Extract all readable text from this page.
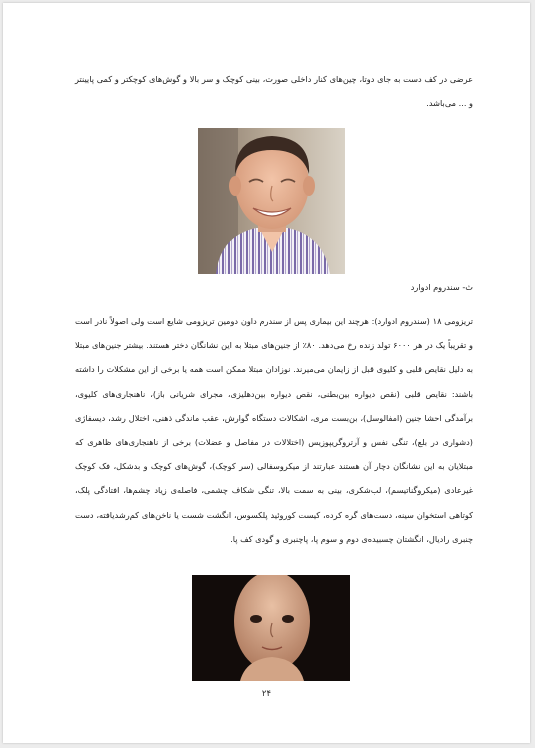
عرضی در کف دست به جای دوتا، چین‌های کنار داخلی صورت، بینی کوچک و سر بالا و گوش‌های کوچکتر و کمی پایینتر و ... می‌باشد.
ث- سندروم ادوارد
تریزومی ۱۸ (سندروم ادوارد): هرچند این بیماری پس از سندرم داون دومین تریزومی شایع است ولی اصولاً نادر است و تقریباً یک در هر ۶۰۰۰ تولد زنده رخ می‌دهد. ۸۰٪ از جنین‌های مبتلا به این نشانگان دختر هستند. بیشتر جنین‌های مبتلا به دلیل نقایص قلبی و کلیوی قبل از زایمان می‌میرند. نوزادان مبتلا ممکن است همه یا برخی از این مشکلات را داشته باشند: نقایص قلبی (نقص دیواره بین‌بطنی، نقص دیواره بین‌دهلیزی، مجرای شریانی باز)، ناهنجاری‌های کلیوی، برآمدگی احشا جنین (امفالوسل)، بن‌بست مری، اشکالات دستگاه گوارش، عقب ماندگی ذهنی، اختلال رشد، دیسفاژی (دشواری در بلع)، تنگی نفس و آرتروگریپوزیس (اختلالات در مفاصل و عضلات) برخی از ناهنجاری‌های ظاهری که مبتلایان به این نشانگان دچار آن هستند عبارتند از میکروسفالی (سر کوچک)، گوش‌های کوچک و بدشکل، فک کوچک غیرعادی (میکروگناتیسم)، لب‌شکری، بینی به سمت بالا، تنگی شکاف چشمی، فاصله‌ی زیاد چشم‌ها، افتادگی پلک، کوتاهی استخوان سینه، دست‌های گره کرده، کیست کوروئید پلکسوس، انگشت شست یا ناخن‌های کم‌رشدیافته، دست چنبری رادیال، انگشتان چسبیده‌ی دوم و سوم پا، پاچنبری و گودی کف پا.
۲۴
